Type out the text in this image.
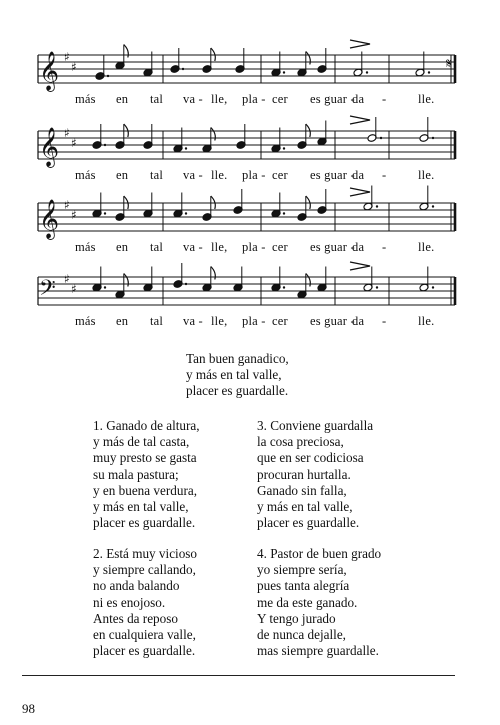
𝄞 ♯
♯
𝄞 ♯
♯
𝄞 ♯
♯
𝄢 ♯
♯
𝄋
más en tal va - lle, pla - cer es guar -
da -	lle.
más en tal va - lle. pla - cer es guar -
da -	lle.
más en tal va - lle, pla - cer es guar -
da -	lle.
más en tal va - lle, pla - cer es guar -
da -	lle.
Tan buen ganadico,
y más en tal valle,
placer es guardalle.
1. Ganado de altura,
y más de tal casta,
muy presto se gasta
su mala pastura;
y en buena verdura,
y más en tal valle,
placer es guardalle.
3. Conviene guardalla
la cosa preciosa,
que en ser codiciosa
procuran hurtalla.
Ganado sin falla,
y más en tal valle,
placer es guardalle.
2. Está muy vicioso
y siempre callando,
no anda balando
ni es enojoso.
Antes da reposo
en cualquiera valle,
placer es guardalle.
4. Pastor de buen grado
yo siempre sería,
pues tanta alegría
me da este ganado.
Y tengo jurado
de nunca dejalle,
mas siempre guardalle.
98
